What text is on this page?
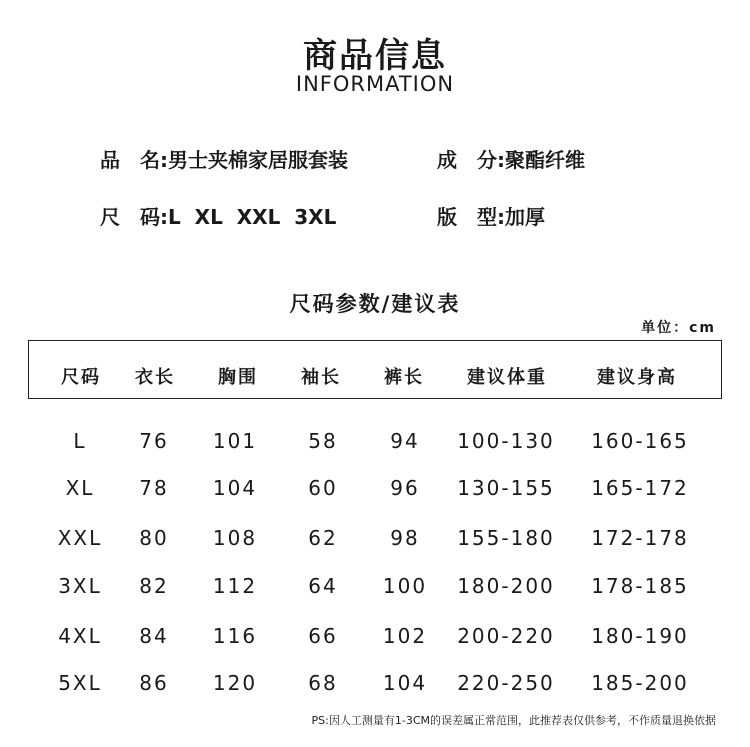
商品信息
INFORMATION
品　名:男士夹棉家居服套装	成　分:聚酯纤维
尺　码:L  XL  XXL  3XL	版　型:加厚
尺码参数/建议表
单位：cm
尺码 衣长 胸围 袖长 裤长 建议体重	建议身高
L	76 101	58	94 100-130 160-165
XL 78 104	60	96 130-155 165-172
XXL 80 108	62	98 155-180 172-178
3XL 82 112	64 100 180-200 178-185
4XL 84 116	66 102 200-220 180-190
5XL 86 120	68 104 220-250 185-200
PS:因人工测量有1-3CM的误差属正常范围，此推荐表仅供参考，不作质量退换依据
